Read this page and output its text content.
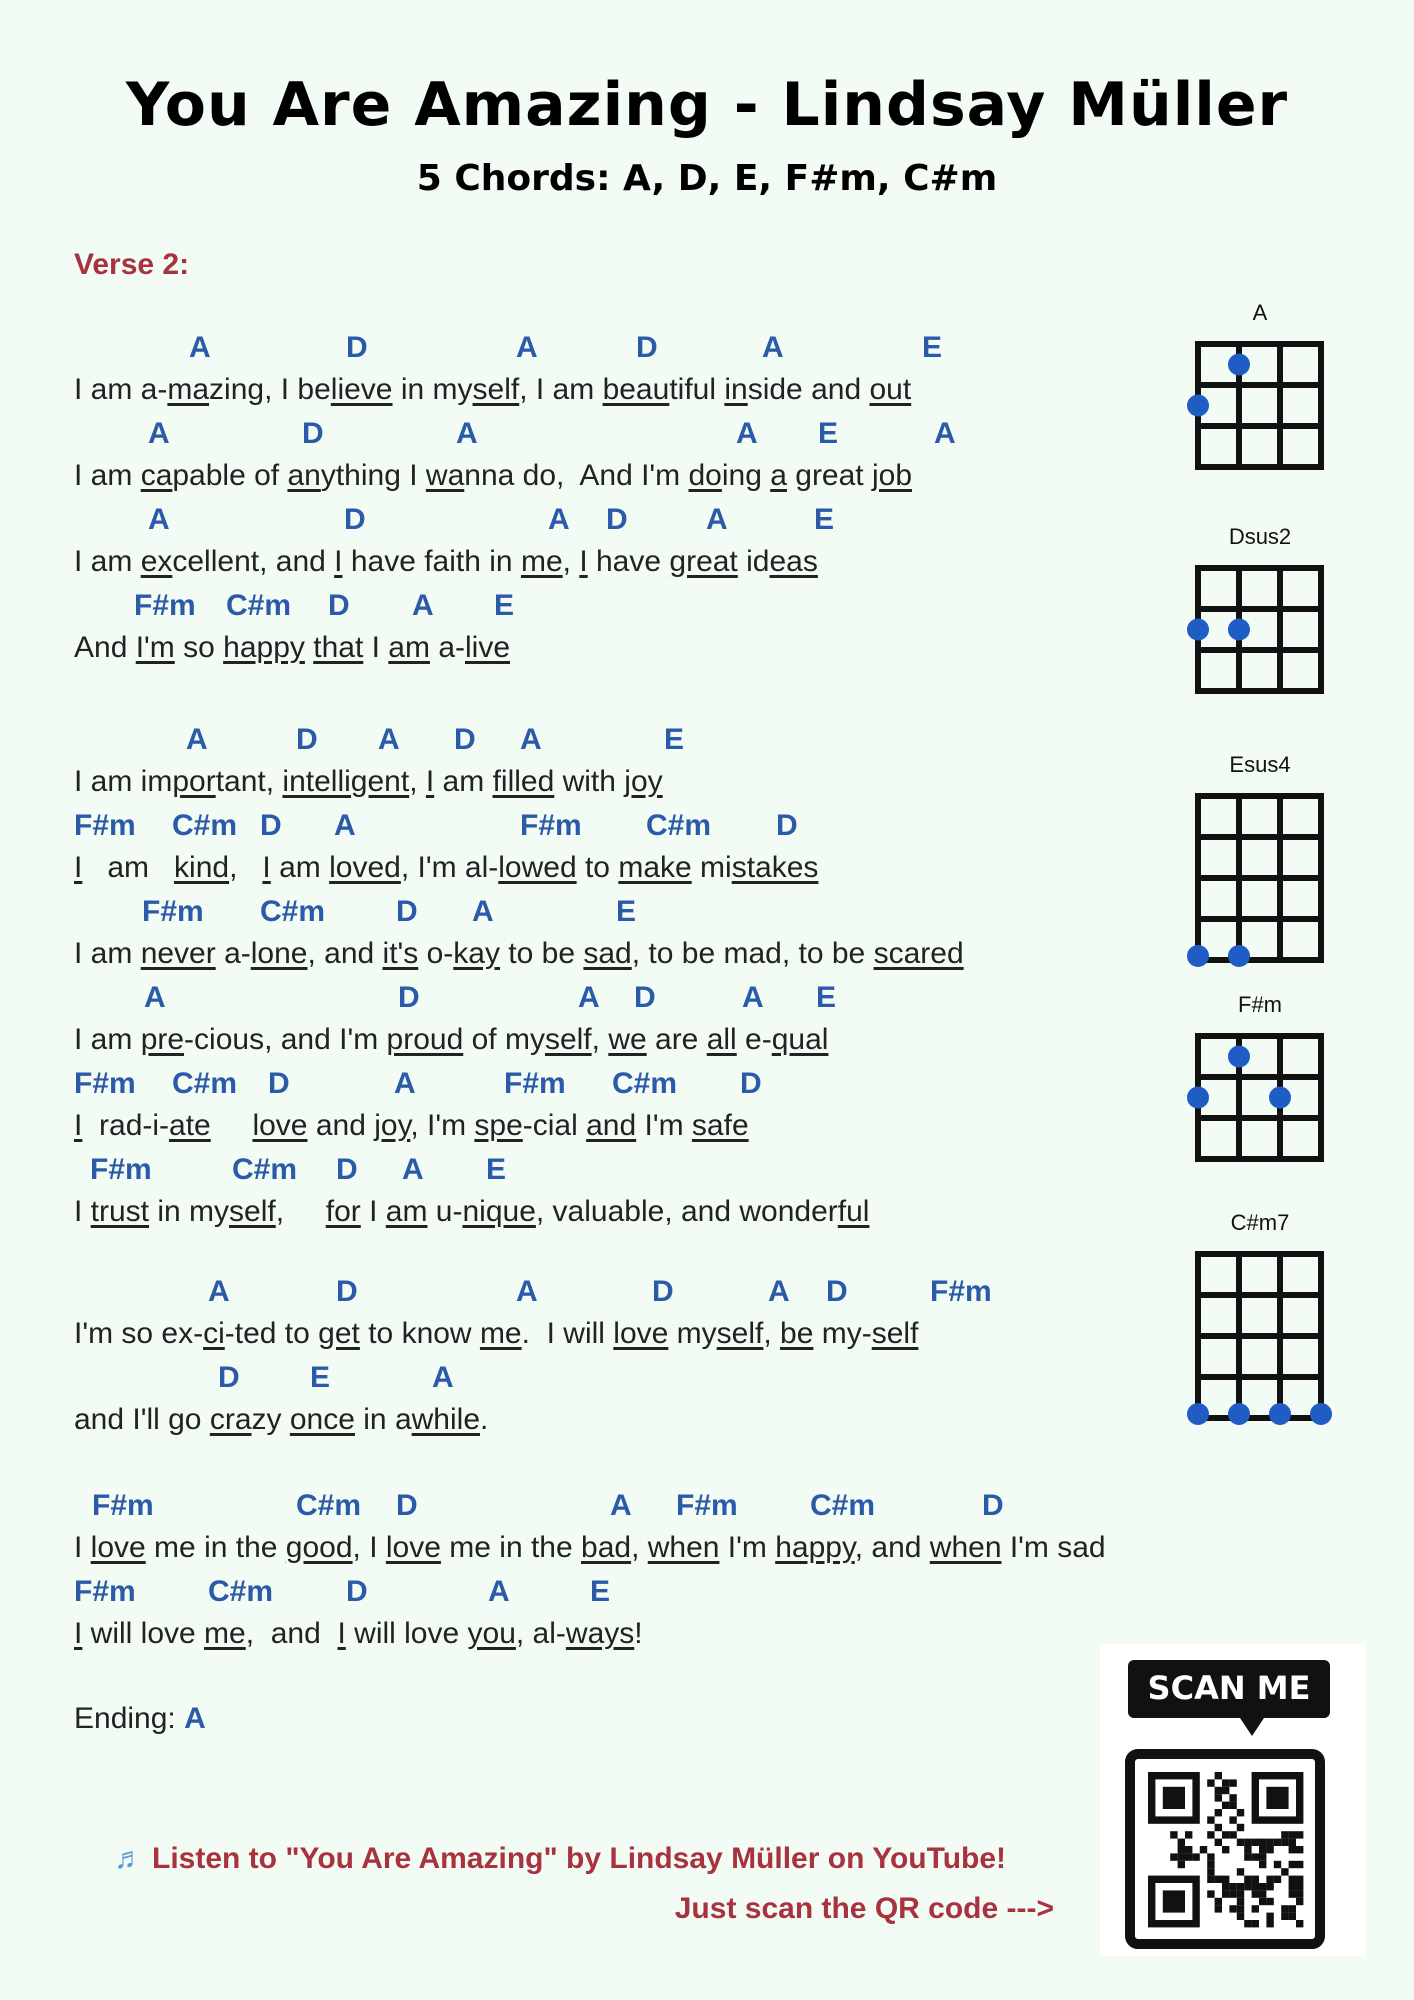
You Are Amazing - Lindsay Müller
5 Chords: A, D, E, F#m, C#m
Verse 2:
A	D	A	D	A	E
I am a-mazing, I believe in myself, I am beautiful inside and out
A	D	A	A E	A
I am capable of anything I wanna do,  And I'm doing a great job
A	D	A D	A	E
I am excellent, and I have faith in me, I have great ideas
F#m C#m D A E
And I'm so happy that I am a-live
A	D A D A	E
I am important, intelligent, I am filled with joy
F#m C#m D A	F#m C#m D
I   am   kind,   I am loved, I'm al-lowed to make mistakes
F#m C#m D A	E
I am never a-lone, and it's o-kay to be sad, to be mad, to be scared
A	D	A D	A E
I am pre-cious, and I'm proud of myself, we are all e-qual
F#m C#m D	A	F#m C#m D
I  rad-i-ate love and joy, I'm spe-cial and I'm safe
F#m	C#m D A E
I trust in myself,     for I am u-nique, valuable, and wonderful
A	D	A	D	A D	F#m
I'm so ex-ci-ted to get to know me.  I will love myself, be my-self
D E	A
and I'll go crazy once in awhile.
F#m	C#m D	A F#m C#m	D
I love me in the good, I love me in the bad, when I'm happy, and when I'm sad
F#m C#m D	A	E
I will love me,  and  I will love you, al-ways!
Ending: A
A
Dsus2
Esus4
F#m
C#m7
♬ Listen to "You Are Amazing" by Lindsay Müller on YouTube!
Just scan the QR code --->
SCAN ME
